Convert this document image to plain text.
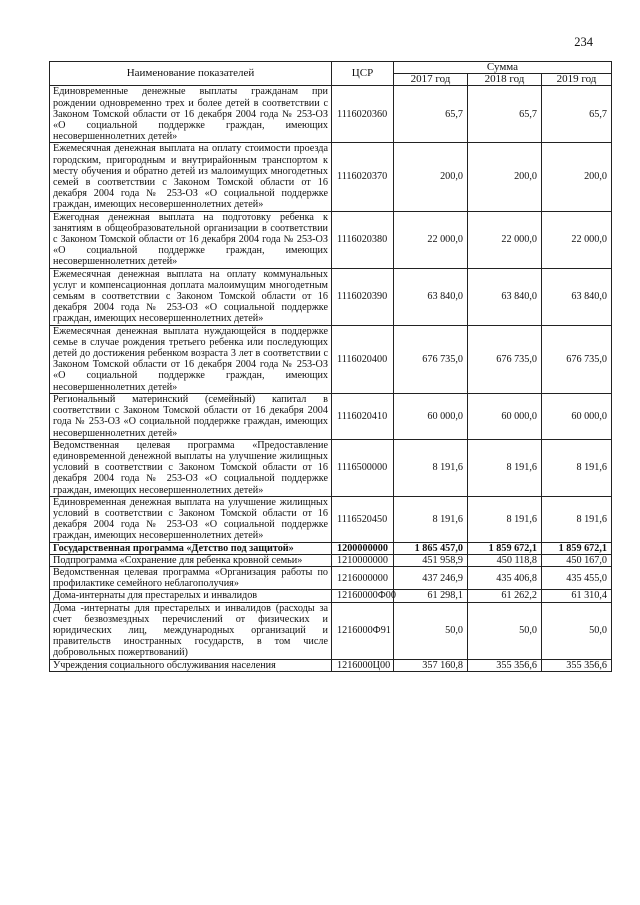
234
Наименование показателей	ЦСР	Сумма		
		2017 год	2018 год	2019 год
Единовременные денежные выплаты гражданам при рождении одновременно трех и более детей в соответствии с Законом Томской области от 16 декабря 2004 года № 253-ОЗ «О социальной поддержке граждан, имеющих несовершеннолетних детей»	1116020360	65,7	65,7	65,7
Ежемесячная денежная выплата на оплату стоимости проезда городским, пригородным и внутрирайонным транспортом к месту обучения и обратно детей из малоимущих многодетных семей в соответствии с Законом Томской области от 16 декабря 2004 года № 253-ОЗ «О социальной поддержке граждан, имеющих несовершеннолетних детей»	1116020370	200,0	200,0	200,0
Ежегодная денежная выплата на подготовку ребенка к занятиям в общеобразовательной организации в соответствии с Законом Томской области от 16 декабря 2004 года № 253-ОЗ «О социальной поддержке граждан, имеющих несовершеннолетних детей»	1116020380	22 000,0	22 000,0	22 000,0
Ежемесячная денежная выплата на оплату коммунальных услуг и компенсационная доплата малоимущим многодетным семьям в соответствии с Законом Томской области от 16 декабря 2004 года № 253-ОЗ «О социальной поддержке граждан, имеющих несовершеннолетних детей»	1116020390	63 840,0	63 840,0	63 840,0
Ежемесячная денежная выплата нуждающейся в поддержке семье в случае рождения третьего ребенка или последующих детей до достижения ребенком возраста 3 лет в соответствии с Законом Томской области от 16 декабря 2004 года № 253-ОЗ «О социальной поддержке граждан, имеющих несовершеннолетних детей»	1116020400	676 735,0	676 735,0	676 735,0
Региональный материнский (семейный) капитал в соответствии с Законом Томской области от 16 декабря 2004 года № 253-ОЗ «О социальной поддержке граждан, имеющих несовершеннолетних детей»	1116020410	60 000,0	60 000,0	60 000,0
Ведомственная целевая программа «Предоставление единовременной денежной выплаты на улучшение жилищных условий в соответствии с Законом Томской области от 16 декабря 2004 года № 253-ОЗ «О социальной поддержке граждан, имеющих несовершеннолетних детей»	1116500000	8 191,6	8 191,6	8 191,6
Единовременная денежная выплата на улучшение жилищных условий в соответствии с Законом Томской области от 16 декабря 2004 года № 253-ОЗ «О социальной поддержке граждан, имеющих несовершеннолетних детей»	1116520450	8 191,6	8 191,6	8 191,6
Государственная программа «Детство под защитой»	1200000000	1 865 457,0	1 859 672,1	1 859 672,1
Подпрограмма «Сохранение для ребенка кровной семьи»	1210000000	451 958,9	450 118,8	450 167,0
Ведомственная целевая программа «Организация работы по профилактике семейного неблагополучия»	1216000000	437 246,9	435 406,8	435 455,0
Дома-интернаты для престарелых и инвалидов	12160000Ф00	61 298,1	61 262,2	61 310,4
Дома -интернаты для престарелых и инвалидов (расходы за счет безвозмездных перечислений от физических и юридических лиц, международных организаций и правительств иностранных государств, в том числе добровольных пожертвований)	1216000Ф91	50,0	50,0	50,0
Учреждения социального обслуживания населения	1216000Ц00	357 160,8	355 356,6	355 356,6
